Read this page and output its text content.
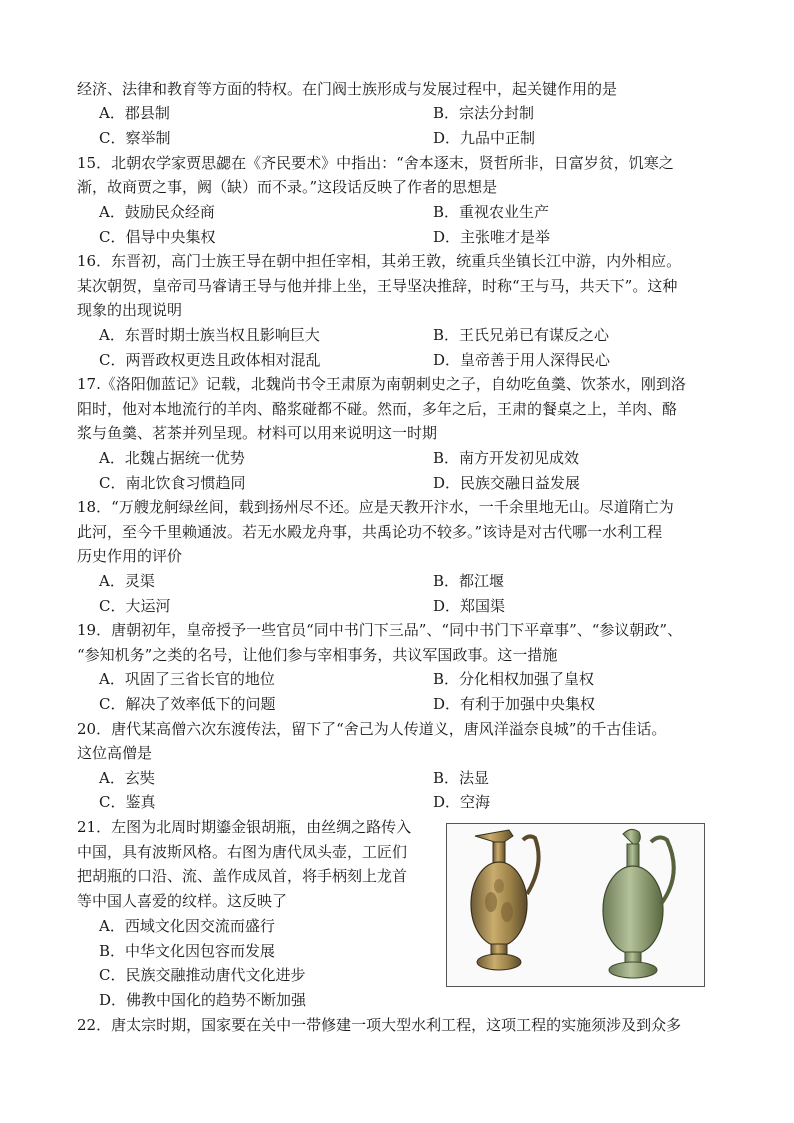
经济、法律和教育等方面的特权。在门阀士族形成与发展过程中，起关键作用的是
A．郡县制	B．宗法分封制
C．察举制	D．九品中正制
15．北朝农学家贾思勰在《齐民要术》中指出：“舍本逐末，贤哲所非，日富岁贫，饥寒之
渐，故商贾之事，阙（缺）而不录。”这段话反映了作者的思想是
A．鼓励民众经商	B．重视农业生产
C．倡导中央集权	D．主张唯才是举
16．东晋初，高门士族王导在朝中担任宰相，其弟王敦，统重兵坐镇长江中游，内外相应。
某次朝贺，皇帝司马睿请王导与他并排上坐，王导坚决推辞，时称“王与马，共天下”。这种
现象的出现说明
A．东晋时期士族当权且影响巨大	B．王氏兄弟已有谋反之心
C．两晋政权更迭且政体相对混乱	D．皇帝善于用人深得民心
17.《洛阳伽蓝记》记载，北魏尚书令王肃原为南朝刺史之子，自幼吃鱼羹、饮茶水，刚到洛
阳时，他对本地流行的羊肉、酪浆碰都不碰。然而，多年之后，王肃的餐桌之上，羊肉、酪
浆与鱼羹、茗茶并列呈现。材料可以用来说明这一时期
A．北魏占据统一优势	B．南方开发初见成效
C．南北饮食习惯趋同	D．民族交融日益发展
18．“万艘龙舸绿丝间，载到扬州尽不还。应是天教开汴水，一千余里地无山。尽道隋亡为
此河，至今千里赖通波。若无水殿龙舟事，共禹论功不较多。”该诗是对古代哪一水利工程
历史作用的评价
A．灵渠	B．都江堰
C．大运河	D．郑国渠
19．唐朝初年，皇帝授予一些官员“同中书门下三品”、“同中书门下平章事”、“参议朝政”、
“参知机务”之类的名号，让他们参与宰相事务，共议军国政事。这一措施
A．巩固了三省长官的地位	B．分化相权加强了皇权
C．解决了效率低下的问题	D．有利于加强中央集权
20．唐代某高僧六次东渡传法，留下了“舍己为人传道义，唐风洋溢奈良城”的千古佳话。
这位高僧是
A．玄奘	B．法显
C．鉴真	D．空海
21．左图为北周时期鎏金银胡瓶，由丝绸之路传入
中国，具有波斯风格。右图为唐代凤头壶，工匠们
把胡瓶的口沿、流、盖作成凤首，将手柄刻上龙首
等中国人喜爱的纹样。这反映了
A．西域文化因交流而盛行
B．中华文化因包容而发展
C．民族交融推动唐代文化进步
D．佛教中国化的趋势不断加强
22．唐太宗时期，国家要在关中一带修建一项大型水利工程，这项工程的实施须涉及到众多
